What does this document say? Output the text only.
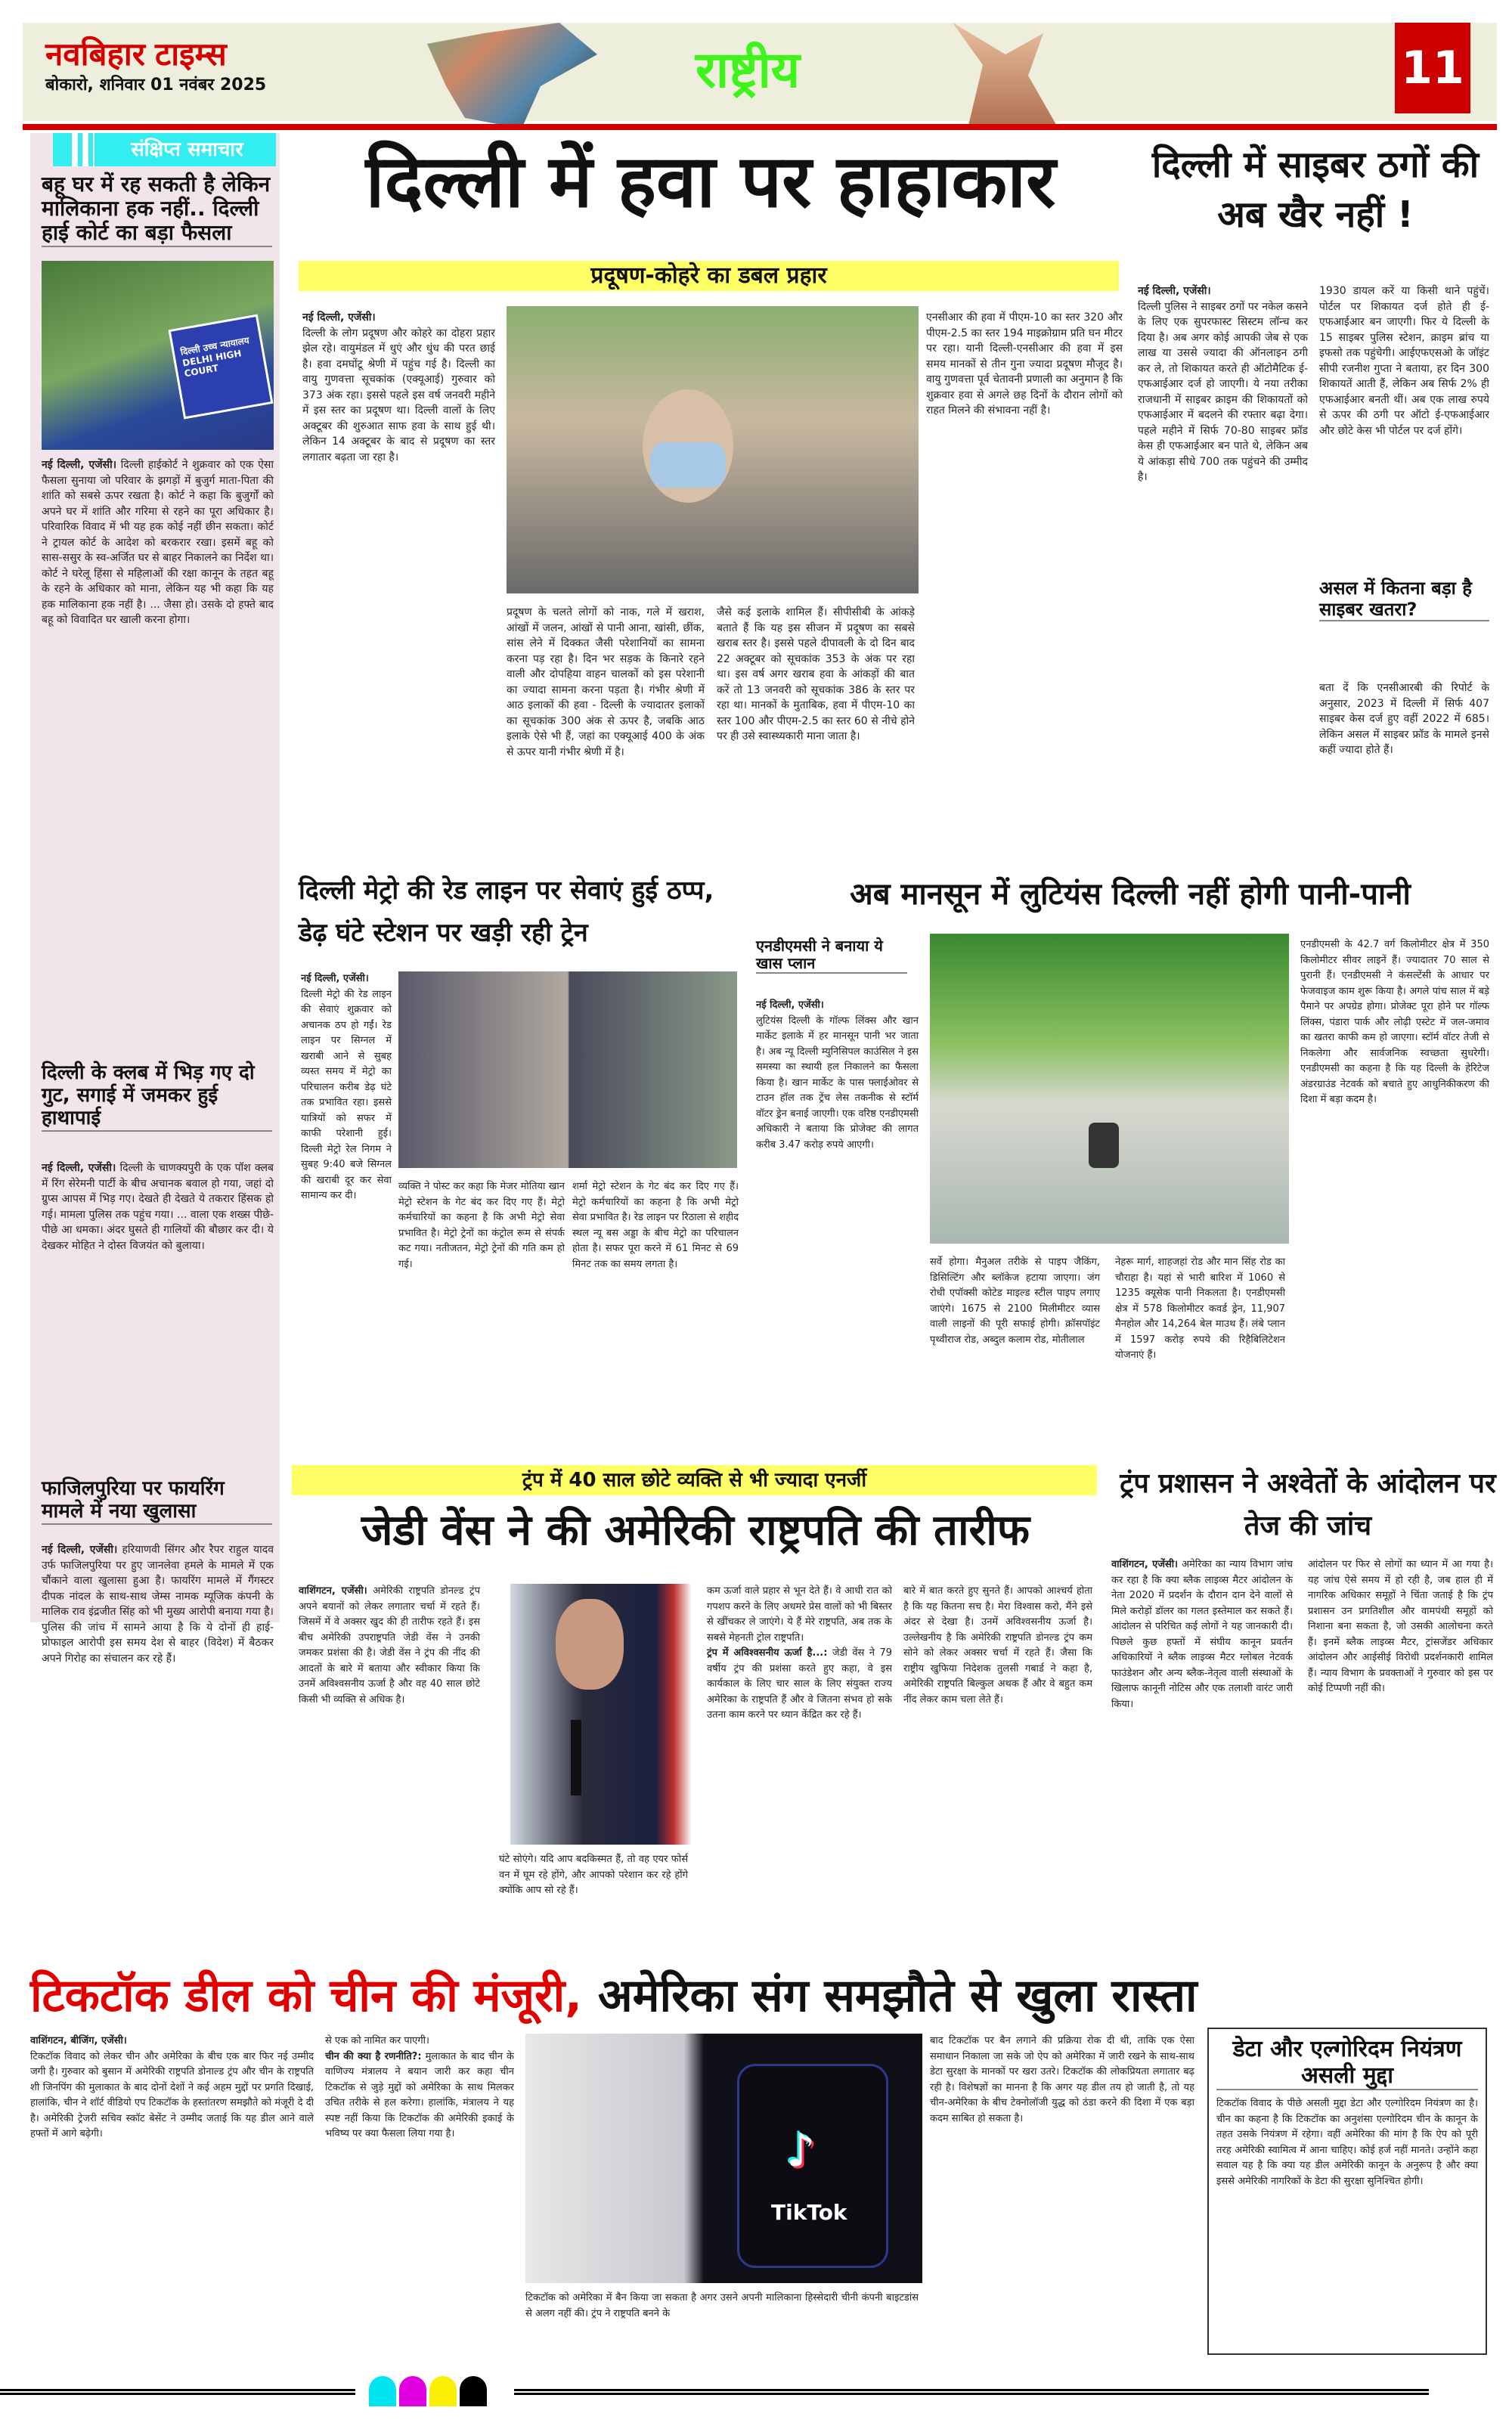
नवबिहार टाइम्स
बोकारो, शनिवार 01 नवंबर 2025	राष्ट्रीय	11
संक्षिप्त समाचार
बहू घर में रह सकती है लेकिन मालिकाना हक नहीं.. दिल्ली हाई कोर्ट का बड़ा फैसला
दिल्ली उच्च न्यायालय DELHI HIGH COURT
नई दिल्ली, एजेंसी। दिल्ली हाईकोर्ट ने शुक्रवार को एक ऐसा फैसला सुनाया जो परिवार के झगड़ों में बुजुर्ग माता-पिता की शांति को सबसे ऊपर रखता है। कोर्ट ने कहा कि बुजुर्गों को अपने घर में शांति और गरिमा से रहने का पूरा अधिकार है। परिवारिक विवाद में भी यह हक कोई नहीं छीन सकता। कोर्ट ने ट्रायल कोर्ट के आदेश को बरकरार रखा। इसमें बहू को सास-ससुर के स्व-अर्जित घर से बाहर निकालने का निर्देश था। कोर्ट ने घरेलू हिंसा से महिलाओं की रक्षा कानून के तहत बहू के रहने के अधिकार को माना, लेकिन यह भी कहा कि यह हक मालिकाना हक नहीं है। ... जैसा हो। उसके दो हफ्ते बाद बहू को विवादित घर खाली करना होगा।
दिल्ली के क्लब में भिड़ गए दो गुट, सगाई में जमकर हुई हाथापाई
नई दिल्ली, एजेंसी। दिल्ली के चाणक्यपुरी के एक पॉश क्लब में रिंग सेरेमनी पार्टी के बीच अचानक बवाल हो गया, जहां दो ग्रुप्स आपस में भिड़ गए। देखते ही देखते ये तकरार हिंसक हो गई। मामला पुलिस तक पहुंच गया। ... वाला एक शख्स पीछे-पीछे आ धमका। अंदर घुसते ही गालियों की बौछार कर दी। ये देखकर मोहित ने दोस्त विजयंत को बुलाया।
फाजिलपुरिया पर फायरिंग मामले में नया खुलासा
नई दिल्ली, एजेंसी। हरियाणवी सिंगर और रैपर राहुल यादव उर्फ फाजिलपुरिया पर हुए जानलेवा हमले के मामले में एक चौंकाने वाला खुलासा हुआ है। फायरिंग मामले में गैंगस्टर दीपक नांदल के साथ-साथ जेम्स नामक म्यूजिक कंपनी के मालिक राव इंद्रजीत सिंह को भी मुख्य आरोपी बनाया गया है। पुलिस की जांच में सामने आया है कि ये दोनों ही हाई-प्रोफाइल आरोपी इस समय देश से बाहर (विदेश) में बैठकर अपने गिरोह का संचालन कर रहे हैं।
दिल्ली में हवा पर हाहाकार
प्रदूषण-कोहरे का डबल प्रहार
नई दिल्ली, एजेंसी।
दिल्ली के लोग प्रदूषण और कोहरे का दोहरा प्रहार झेल रहे। वायुमंडल में धुएं और धुंध की परत छाई है। हवा दमघोंटू श्रेणी में पहुंच गई है। दिल्ली का वायु गुणवत्ता सूचकांक (एक्यूआई) गुरुवार को 373 अंक रहा। इससे पहले इस वर्ष जनवरी महीने में इस स्तर का प्रदूषण था। दिल्ली वालों के लिए अक्टूबर की शुरुआत साफ हवा के साथ हुई थी। लेकिन 14 अक्टूबर के बाद से प्रदूषण का स्तर लगातार बढ़ता जा रहा है।
प्रदूषण के चलते लोगों को नाक, गले में खराश, आंखों में जलन, आंखों से पानी आना, खांसी, छींक, सांस लेने में दिक्कत जैसी परेशानियों का सामना करना पड़ रहा है। दिन भर सड़क के किनारे रहने वाली और दोपहिया वाहन चालकों को इस परेशानी का ज्यादा सामना करना पड़ता है। गंभीर श्रेणी में आठ इलाकों की हवा - दिल्ली के ज्यादातर इलाकों का सूचकांक 300 अंक से ऊपर है, जबकि आठ इलाके ऐसे भी हैं, जहां का एक्यूआई 400 के अंक से ऊपर यानी गंभीर श्रेणी में है।
जैसे कई इलाके शामिल हैं। सीपीसीबी के आंकड़े बताते हैं कि यह इस सीजन में प्रदूषण का सबसे खराब स्तर है। इससे पहले दीपावली के दो दिन बाद 22 अक्टूबर को सूचकांक 353 के अंक पर रहा था। इस वर्ष अगर खराब हवा के आंकड़ों की बात करें तो 13 जनवरी को सूचकांक 386 के स्तर पर रहा था। मानकों के मुताबिक, हवा में पीएम-10 का स्तर 100 और पीएम-2.5 का स्तर 60 से नीचे होने पर ही उसे स्वास्थ्यकारी माना जाता है।
एनसीआर की हवा में पीएम-10 का स्तर 320 और पीएम-2.5 का स्तर 194 माइक्रोग्राम प्रति घन मीटर पर रहा। यानी दिल्ली-एनसीआर की हवा में इस समय मानकों से तीन गुना ज्यादा प्रदूषण मौजूद है। वायु गुणवत्ता पूर्व चेतावनी प्रणाली का अनुमान है कि शुक्रवार हवा से अगले छह दिनों के दौरान लोगों को राहत मिलने की संभावना नहीं है।
दिल्ली में साइबर ठगों की अब खैर नहीं !
नई दिल्ली, एजेंसी।
दिल्ली पुलिस ने साइबर ठगों पर नकेल कसने के लिए एक सुपरफास्ट सिस्टम लॉन्च कर दिया है। अब अगर कोई आपकी जेब से एक लाख या उससे ज्यादा की ऑनलाइन ठगी कर ले, तो शिकायत करते ही ऑटोमैटिक ई-एफआईआर दर्ज हो जाएगी। ये नया तरीका राजधानी में साइबर क्राइम की शिकायतों को एफआईआर में बदलने की रफ्तार बढ़ा देगा। पहले महीने में सिर्फ 70-80 साइबर फ्रॉड केस ही एफआईआर बन पाते थे, लेकिन अब ये आंकड़ा सीधे 700 तक पहुंचने की उम्मीद है।
1930 डायल करें या किसी थाने पहुंचें। पोर्टल पर शिकायत दर्ज होते ही ई-एफआईआर बन जाएगी। फिर ये दिल्ली के 15 साइबर पुलिस स्टेशन, क्राइम ब्रांच या इफसो तक पहुंचेगी। आईएफएसओ के जॉइंट सीपी रजनीश गुप्ता ने बताया, हर दिन 300 शिकायतें आती हैं, लेकिन अब सिर्फ 2% ही एफआईआर बनती थीं। अब एक लाख रुपये से ऊपर की ठगी पर ऑटो ई-एफआईआर और छोटे केस भी पोर्टल पर दर्ज होंगे।
असल में कितना बड़ा है साइबर खतरा?
बता दें कि एनसीआरबी की रिपोर्ट के अनुसार, 2023 में दिल्ली में सिर्फ 407 साइबर केस दर्ज हुए वहीं 2022 में 685। लेकिन असल में साइबर फ्रॉड के मामले इनसे कहीं ज्यादा होते हैं।
दिल्ली मेट्रो की रेड लाइन पर सेवाएं हुई ठप्प, डेढ़ घंटे स्टेशन पर खड़ी रही ट्रेन
नई दिल्ली, एजेंसी।
दिल्ली मेट्रो की रेड लाइन की सेवाएं शुक्रवार को अचानक ठप हो गईं। रेड लाइन पर सिग्नल में खराबी आने से सुबह व्यस्त समय में मेट्रो का परिचालन करीब डेढ़ घंटे तक प्रभावित रहा। इससे यात्रियों को सफर में काफी परेशानी हुई। दिल्ली मेट्रो रेल निगम ने सुबह 9:40 बजे सिग्नल की खराबी दूर कर सेवा सामान्य कर दी।
व्यक्ति ने पोस्ट कर कहा कि मेजर मोतिया खान मेट्रो स्टेशन के गेट बंद कर दिए गए हैं। मेट्रो कर्मचारियों का कहना है कि अभी मेट्रो सेवा प्रभावित है। मेट्रो ट्रेनों का कंट्रोल रूम से संपर्क कट गया। नतीजतन, मेट्रो ट्रेनों की गति कम हो गई।
शर्मा मेट्रो स्टेशन के गेट बंद कर दिए गए हैं। मेट्रो कर्मचारियों का कहना है कि अभी मेट्रो सेवा प्रभावित है। रेड लाइन पर रिठाला से शहीद स्थल न्यू बस अड्डा के बीच मेट्रो का परिचालन होता है। सफर पूरा करने में 61 मिनट से 69 मिनट तक का समय लगता है।
अब मानसून में लुटियंस दिल्ली नहीं होगी पानी-पानी
एनडीएमसी ने बनाया ये खास प्लान
नई दिल्ली, एजेंसी।
लुटियंस दिल्ली के गॉल्फ लिंक्स और खान मार्केट इलाके में हर मानसून पानी भर जाता है। अब न्यू दिल्ली म्युनिसिपल काउंसिल ने इस समस्या का स्थायी हल निकालने का फैसला किया है। खान मार्केट के पास फ्लाईओवर से टाउन हॉल तक ट्रेंच लेस तकनीक से स्टॉर्म वॉटर ड्रेन बनाई जाएगी। एक वरिष्ठ एनडीएमसी अधिकारी ने बताया कि प्रोजेक्ट की लागत करीब 3.47 करोड़ रुपये आएगी।
सर्वे होगा। मैनुअल तरीके से पाइप जैकिंग, डिसिल्टिंग और ब्लॉकेज हटाया जाएगा। जंग रोधी एपॉक्सी कोटेड माइल्ड स्टील पाइप लगाए जाएंगे। 1675 से 2100 मिलीमीटर व्यास वाली लाइनों की पूरी सफाई होगी। क्रॉसपॉइंट पृथ्वीराज रोड, अब्दुल कलाम रोड, मोतीलाल
नेहरू मार्ग, शाहजहां रोड और मान सिंह रोड का चौराहा है। यहां से भारी बारिश में 1060 से 1235 क्यूसेक पानी निकलता है। एनडीएमसी क्षेत्र में 578 किलोमीटर कवर्ड ड्रेन, 11,907 मैनहोल और 14,264 बेल माउथ हैं। लंबे प्लान में 1597 करोड़ रुपये की रिहैबिलिटेशन योजनाएं हैं।
एनडीएमसी के 42.7 वर्ग किलोमीटर क्षेत्र में 350 किलोमीटर सीवर लाइनें हैं। ज्यादातर 70 साल से पुरानी हैं। एनडीएमसी ने कंसल्टेंसी के आधार पर फेजवाइज काम शुरू किया है। अगले पांच साल में बड़े पैमाने पर अपग्रेड होगा। प्रोजेक्ट पूरा होने पर गॉल्फ लिंक्स, पंडारा पार्क और लोढ़ी एस्टेट में जल-जमाव का खतरा काफी कम हो जाएगा। स्टॉर्म वॉटर तेजी से निकलेगा और सार्वजनिक स्वच्छता सुधरेगी। एनडीएमसी का कहना है कि यह दिल्ली के हेरिटेज अंडरग्राउंड नेटवर्क को बचाते हुए आधुनिकीकरण की दिशा में बड़ा कदम है।
ट्रंप में 40 साल छोटे व्यक्ति से भी ज्यादा एनर्जी
जेडी वेंस ने की अमेरिकी राष्ट्रपति की तारीफ
वाशिंगटन, एजेंसी। अमेरिकी राष्ट्रपति डोनल्ड ट्रंप अपने बयानों को लेकर लगातार चर्चा में रहते हैं। जिसमें में वे अक्सर खुद की ही तारीफ रहते हैं। इस बीच अमेरिकी उपराष्ट्रपति जेडी वेंस ने उनकी जमकर प्रशंसा की है। जेडी वेंस ने ट्रंप की नींद की आदतों के बारे में बताया और स्वीकार किया कि उनमें अविश्वसनीय ऊर्जा है और वह 40 साल छोटे किसी भी व्यक्ति से अधिक है।
घंटे सोएंगे। यदि आप बदकिस्मत हैं, तो वह एयर फोर्स वन में घूम रहे होंगे, और आपको परेशान कर रहे होंगे क्योंकि आप सो रहे हैं।
कम ऊर्जा वाले प्रहार से भून देते हैं। वे आधी रात को गपशप करने के लिए अधमरे प्रेस वालों को भी बिस्तर से खींचकर ले जाएंगे। ये हैं मेरे राष्ट्रपति, अब तक के सबसे मेहनती ट्रोल राष्ट्रपति।
ट्रंप में अविश्वसनीय ऊर्जा है...: जेडी वेंस ने 79 वर्षीय ट्रंप की प्रशंसा करते हुए कहा, वे इस कार्यकाल के लिए चार साल के लिए संयुक्त राज्य अमेरिका के राष्ट्रपति हैं और वे जितना संभव हो सके उतना काम करने पर ध्यान केंद्रित कर रहे हैं।
बारे में बात करते हुए सुनते हैं। आपको आश्चर्य होता है कि यह कितना सच है। मेरा विश्वास करो, मैंने इसे अंदर से देखा है। उनमें अविश्वसनीय ऊर्जा है। उल्लेखनीय है कि अमेरिकी राष्ट्रपति डोनल्ड ट्रंप कम सोने को लेकर अक्सर चर्चा में रहते हैं। जैसा कि राष्ट्रीय खुफिया निदेशक तुलसी गबार्ड ने कहा है, अमेरिकी राष्ट्रपति बिल्कुल अथक हैं और वे बहुत कम नींद लेकर काम चला लेते हैं।
ट्रंप प्रशासन ने अश्वेतों के आंदोलन पर तेज की जांच
वाशिंगटन, एजेंसी। अमेरिका का न्याय विभाग जांच कर रहा है कि क्या ब्लैक लाइव्स मैटर आंदोलन के नेता 2020 में प्रदर्शन के दौरान दान देने वालों से मिले करोड़ों डॉलर का गलत इस्तेमाल कर सकते हैं। आंदोलन से परिचित कई लोगों ने यह जानकारी दी। पिछले कुछ हफ्तों में संघीय कानून प्रवर्तन अधिकारियों ने ब्लैक लाइव्स मैटर ग्लोबल नेटवर्क फाउंडेशन और अन्य ब्लैक-नेतृत्व वाली संस्थाओं के खिलाफ कानूनी नोटिस और एक तलाशी वारंट जारी किया।
आंदोलन पर फिर से लोगों का ध्यान में आ गया है। यह जांच ऐसे समय में हो रही है, जब हाल ही में नागरिक अधिकार समूहों ने चिंता जताई है कि ट्रंप प्रशासन उन प्रगतिशील और वामपंथी समूहों को निशाना बना सकता है, जो उसकी आलोचना करते हैं। इनमें ब्लैक लाइव्स मैटर, ट्रांसजेंडर अधिकार आंदोलन और आईसीई विरोधी प्रदर्शनकारी शामिल हैं। न्याय विभाग के प्रवक्ताओं ने गुरुवार को इस पर कोई टिप्पणी नहीं की।
टिकटॉक डील को चीन की मंजूरी, अमेरिका संग समझौते से खुला रास्ता
वाशिंगटन, बीजिंग, एजेंसी।
टिकटॉक विवाद को लेकर चीन और अमेरिका के बीच एक बार फिर नई उम्मीद जगी है। गुरुवार को बुसान में अमेरिकी राष्ट्रपति डोनाल्ड ट्रंप और चीन के राष्ट्रपति शी जिनपिंग की मुलाकात के बाद दोनों देशों ने कई अहम मुद्दों पर प्रगति दिखाई, हालांकि, चीन ने शॉर्ट वीडियो एप टिकटॉक के हस्तांतरण समझौते को मंजूरी दे दी है। अमेरिकी ट्रेजरी सचिव स्कॉट बेसेंट ने उम्मीद जताई कि यह डील आने वाले हफ्तों में आगे बढ़ेगी।
से एक को नामित कर पाएगी।
चीन की क्या है रणनीति?: मुलाकात के बाद चीन के वाणिज्य मंत्रालय ने बयान जारी कर कहा चीन टिकटॉक से जुड़े मुद्दों को अमेरिका के साथ मिलकर उचित तरीके से हल करेगा। हालांकि, मंत्रालय ने यह स्पष्ट नहीं किया कि टिकटॉक की अमेरिकी इकाई के भविष्य पर क्या फैसला लिया गया है।	♪
TikTok
टिकटॉक को अमेरिका में बैन किया जा सकता है अगर उसने अपनी मालिकाना हिस्सेदारी चीनी कंपनी बाइटडांस से अलग नहीं की। ट्रंप ने राष्ट्रपति बनने के
बाद टिकटॉक पर बैन लगाने की प्रक्रिया रोक दी थी, ताकि एक ऐसा समाधान निकाला जा सके जो ऐप को अमेरिका में जारी रखने के साथ-साथ डेटा सुरक्षा के मानकों पर खरा उतरे। टिकटॉक की लोकप्रियता लगातार बढ़ रही है। विशेषज्ञों का मानना है कि अगर यह डील तय हो जाती है, तो यह चीन-अमेरिका के बीच टेक्नोलॉजी युद्ध को ठंडा करने की दिशा में एक बड़ा कदम साबित हो सकता है।
डेटा और एल्गोरिदम नियंत्रण असली मुद्दा
टिकटॉक विवाद के पीछे असली मुद्दा डेटा और एल्गोरिदम नियंत्रण का है। चीन का कहना है कि टिकटॉक का अनुशंसा एल्गोरिदम चीन के कानून के तहत उसके नियंत्रण में रहेगा। वहीं अमेरिका की मांग है कि ऐप को पूरी तरह अमेरिकी स्वामित्व में आना चाहिए। कोई हर्ज नहीं मानते। उन्होंने कहा सवाल यह है कि क्या यह डील अमेरिकी कानून के अनुरूप है और क्या इससे अमेरिकी नागरिकों के डेटा की सुरक्षा सुनिश्चित होगी।
